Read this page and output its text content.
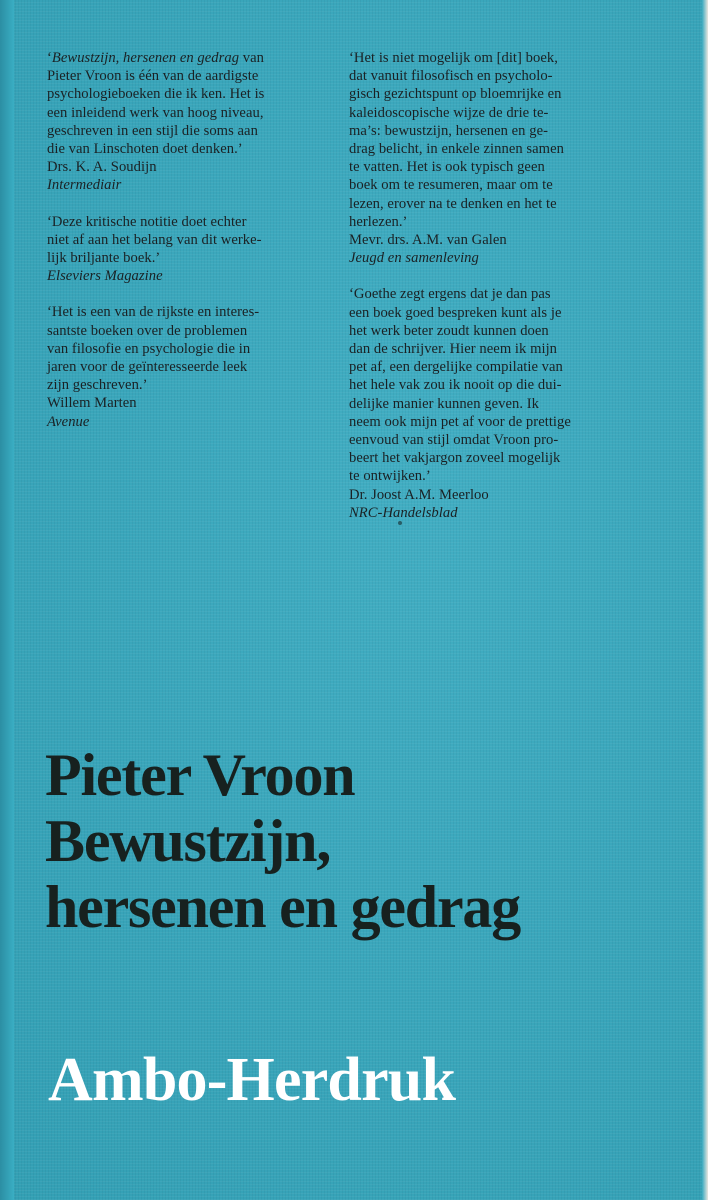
‘Bewustzijn, hersenen en gedrag van
Pieter Vroon is één van de aardigste
psychologieboeken die ik ken. Het is
een inleidend werk van hoog niveau,
geschreven in een stijl die soms aan
die van Linschoten doet denken.’
Drs. K. A. Soudijn
Intermediair
‘Deze kritische notitie doet echter
niet af aan het belang van dit werke-
lijk briljante boek.’
Elseviers Magazine
‘Het is een van de rijkste en interes-
santste boeken over de problemen
van filosofie en psychologie die in
jaren voor de geïnteresseerde leek
zijn geschreven.’
Willem Marten
Avenue
‘Het is niet mogelijk om [dit] boek,
dat vanuit filosofisch en psycholo-
gisch gezichtspunt op bloemrijke en
kaleidoscopische wijze de drie te-
ma’s: bewustzijn, hersenen en ge-
drag belicht, in enkele zinnen samen
te vatten. Het is ook typisch geen
boek om te resumeren, maar om te
lezen, erover na te denken en het te
herlezen.’
Mevr. drs. A.M. van Galen
Jeugd en samenleving
‘Goethe zegt ergens dat je dan pas
een boek goed bespreken kunt als je
het werk beter zoudt kunnen doen
dan de schrijver. Hier neem ik mijn
pet af, een dergelijke compilatie van
het hele vak zou ik nooit op die dui-
delijke manier kunnen geven. Ik
neem ook mijn pet af voor de prettige
eenvoud van stijl omdat Vroon pro-
beert het vakjargon zoveel mogelijk
te ontwijken.’
Dr. Joost A.M. Meerloo
NRC-Handelsblad
Pieter Vroon
Bewustzijn,
hersenen en gedrag
Ambo-Herdruk
